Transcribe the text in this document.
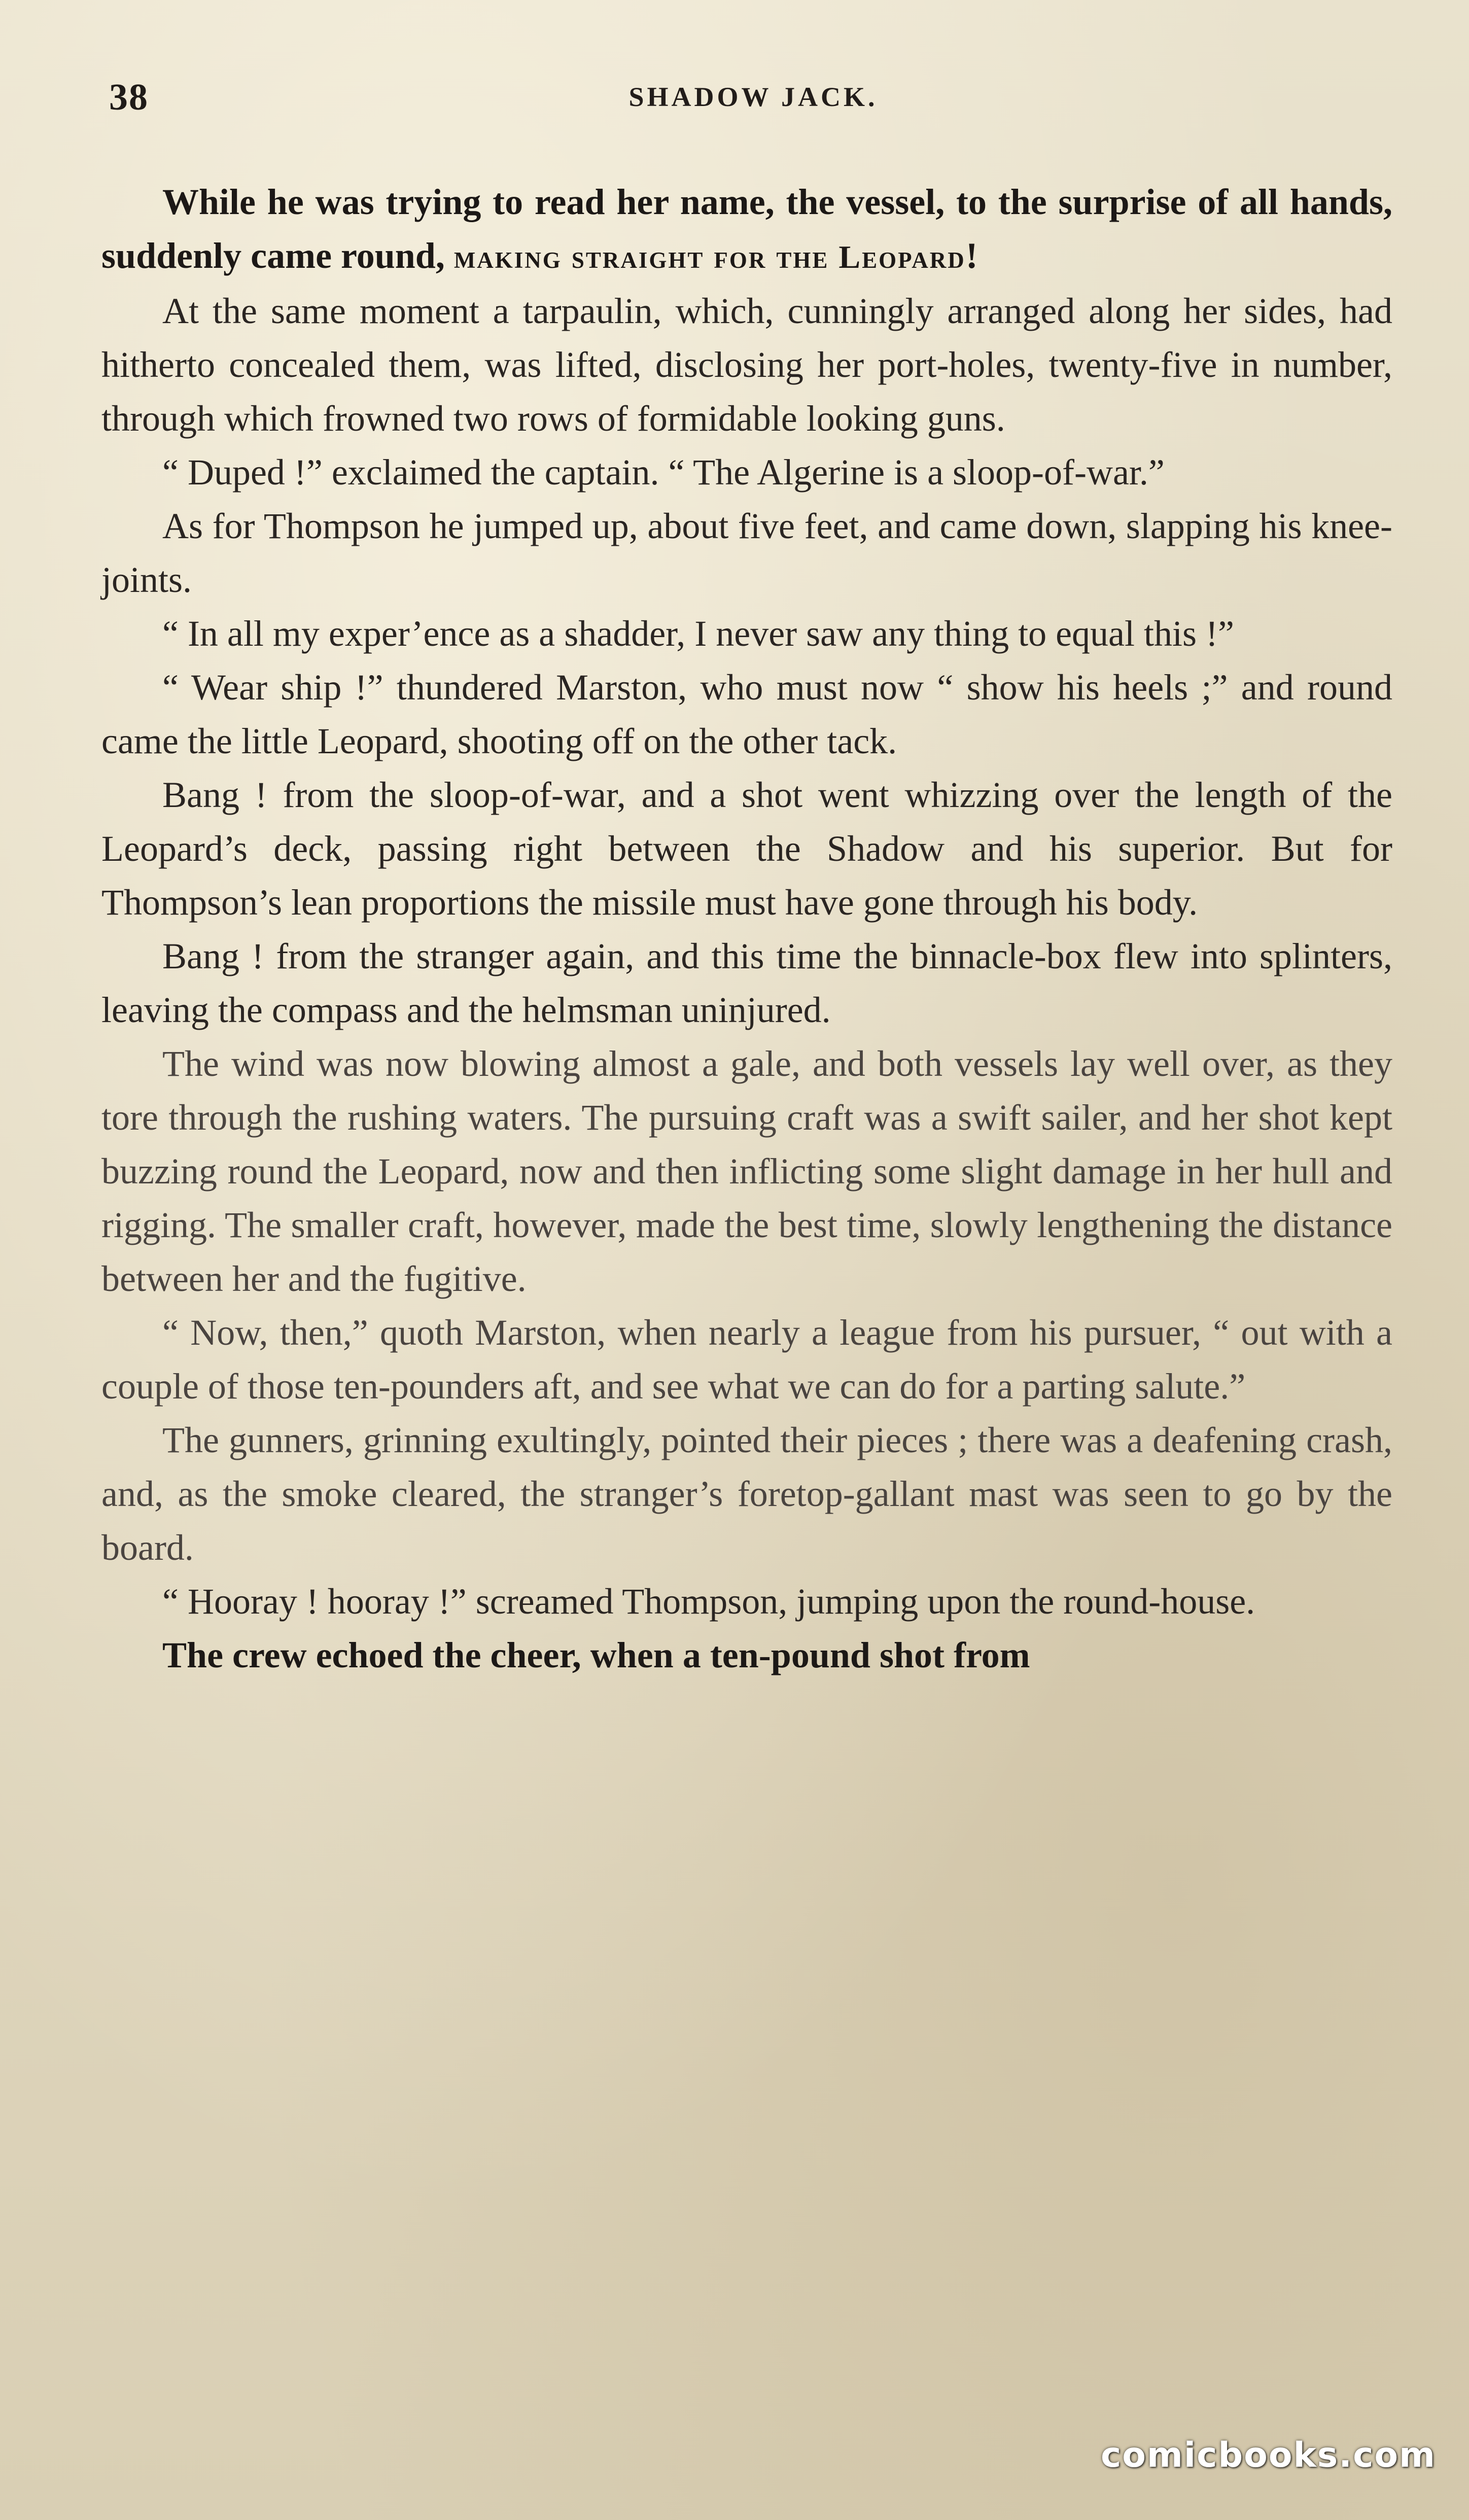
38	SHADOW JACK.

While he was trying to read her name, the vessel, to the surprise of all hands, suddenly came round, making straight for the Leopard!

At the same moment a tarpaulin, which, cunningly arranged along her sides, had hitherto concealed them, was lifted, disclosing her port-holes, twenty-five in number, through which frowned two rows of formidable looking guns.

“ Duped !” exclaimed the captain. “ The Algerine is a sloop-of-war.”

As for Thompson he jumped up, about five feet, and came down, slapping his knee-joints.

“ In all my exper’ence as a shadder, I never saw any thing to equal this !”

“ Wear ship !” thundered Marston, who must now “ show his heels ;” and round came the little Leopard, shooting off on the other tack.

Bang ! from the sloop-of-war, and a shot went whizzing over the length of the Leopard’s deck, passing right between the Shadow and his superior. But for Thompson’s lean proportions the missile must have gone through his body.

Bang ! from the stranger again, and this time the binnacle-box flew into splinters, leaving the compass and the helmsman uninjured.

The wind was now blowing almost a gale, and both vessels lay well over, as they tore through the rushing waters. The pursuing craft was a swift sailer, and her shot kept buzzing round the Leopard, now and then inflicting some slight damage in her hull and rigging. The smaller craft, however, made the best time, slowly lengthening the distance between her and the fugitive.

“ Now, then,” quoth Marston, when nearly a league from his pursuer, “ out with a couple of those ten-pounders aft, and see what we can do for a parting salute.”

The gunners, grinning exultingly, pointed their pieces ; there was a deafening crash, and, as the smoke cleared, the stranger’s foretop-gallant mast was seen to go by the board.

“ Hooray ! hooray !” screamed Thompson, jumping upon the round-house.

The crew echoed the cheer, when a ten-pound shot from

comicbooks.com
